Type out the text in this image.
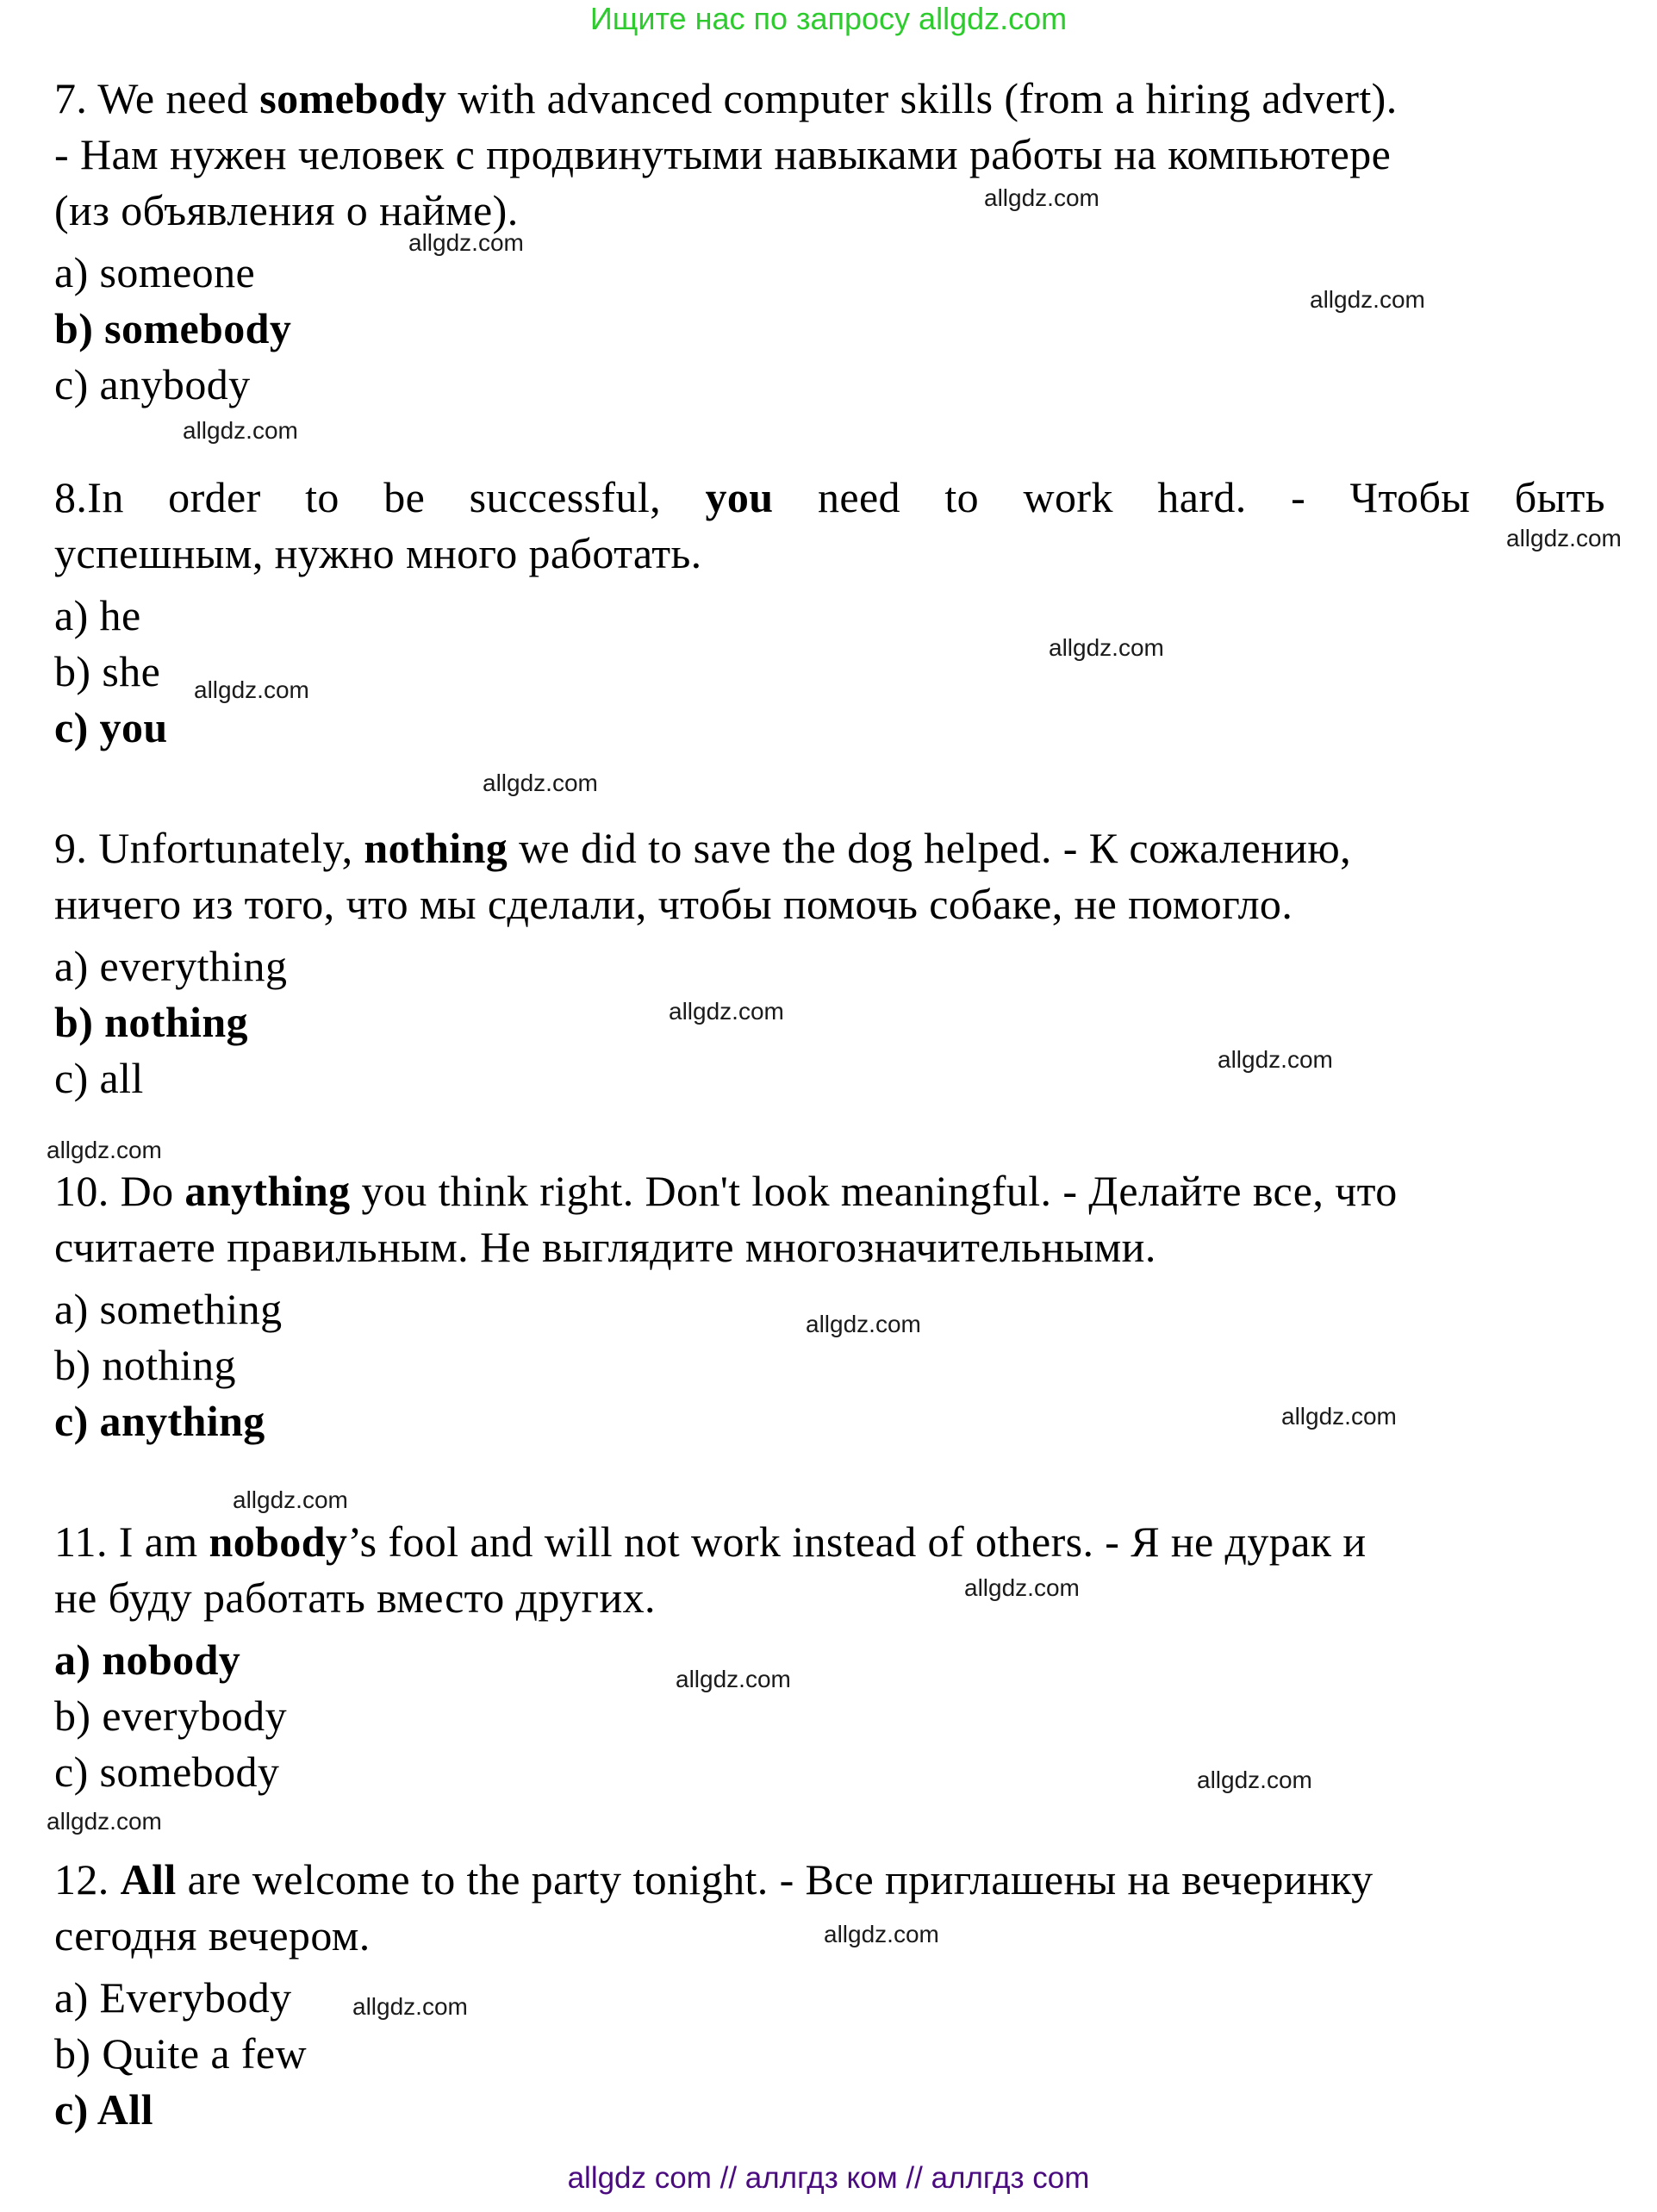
Ищите нас по запросу allgdz.com
7. We need somebody with advanced computer skills (from a hiring advert).
- Нам нужен человек с продвинутыми навыками работы на компьютере
(из объявления о найме).
a) someone
b) somebody
c) anybody
8.In order to be successful, you need to work hard. - Чтобы быть
успешным, нужно много работать.
a) he
b) she
c) you
9. Unfortunately, nothing we did to save the dog helped. - К сожалению,
ничего из того, что мы сделали, чтобы помочь собаке, не помогло.
a) everything
b) nothing
c) all
10. Do anything you think right. Don't look meaningful. - Делайте все, что
считаете правильным. Не выглядите многозначительными.
a) something
b) nothing
c) anything
11. I am nobody’s fool and will not work instead of others. - Я не дурак и
не буду работать вместо других.
a) nobody
b) everybody
c) somebody
12. All are welcome to the party tonight. - Все приглашены на вечеринку
сегодня вечером.
a) Everybody
b) Quite a few
c) All
allgdz.com
allgdz.com
allgdz.com
allgdz.com
allgdz.com
allgdz.com
allgdz.com
allgdz.com
allgdz.com
allgdz.com
allgdz.com
allgdz.com
allgdz.com
allgdz.com
allgdz.com
allgdz.com
allgdz.com
allgdz.com
allgdz.com
allgdz.com
allgdz com // аллгдз ком // аллгдз com
